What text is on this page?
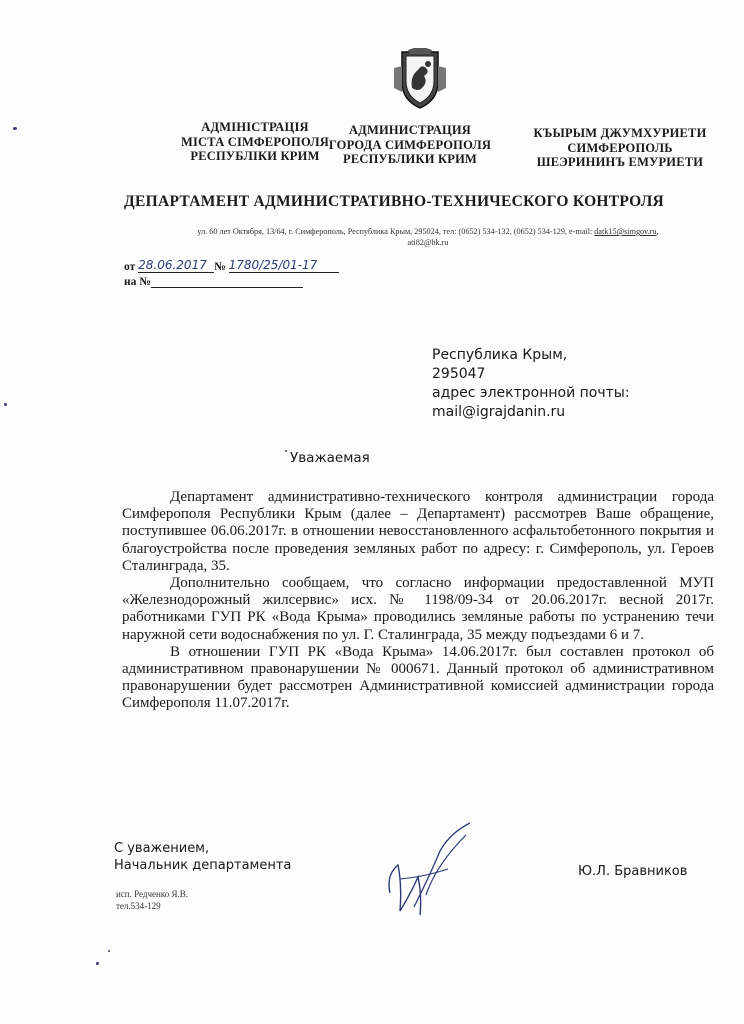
АДМІНІСТРАЦІЯ
МІСТА СІМФЕРОПОЛЯ
РЕСПУБЛІКИ КРИМ
АДМИНИСТРАЦИЯ
ГОРОДА СИМФЕРОПОЛЯ
РЕСПУБЛИКИ КРИМ
КЪЫРЫМ ДЖУМХУРИЕТИ
СИМФЕРОПОЛЬ
ШЕЭРИНИНЪ ЕМУРИЕТИ
ДЕПАРТАМЕНТ АДМИНИСТРАТИВНО-ТЕХНИЧЕСКОГО КОНТРОЛЯ
ул. 60 лет Октября, 13/64, г. Симферополь, Республика Крым, 295024, тел: (0652) 534-132, (0652) 534-129, e-mail: datk15@simgov.ru,
ati82@bk.ru
от 28.06.2017 № 1780/25/01-17
на №
Республика Крым,
295047
адрес электронной почты:
mail@igrajdanin.ru
Уважаемая

Департамент административно-технического контроля администрации города Симферополя Республики Крым (далее – Департамент) рассмотрев Ваше обращение, поступившее 06.06.2017г. в отношении невосстановленного асфальтобетонного покрытия и благоустройства после проведения земляных работ по адресу: г. Симферополь, ул. Героев Сталинграда, 35.

Дополнительно сообщаем, что согласно информации предоставленной МУП «Железнодорожный жилсервис» исх. № 1198/09-34 от 20.06.2017г. весной 2017г. работниками ГУП РК «Вода Крыма» проводились земляные работы по устранению течи наружной сети водоснабжения по ул. Г. Сталинграда, 35 между подъездами 6 и 7.

В отношении ГУП РК «Вода Крыма» 14.06.2017г. был составлен протокол об административном правонарушении № 000671. Данный протокол об административном правонарушении будет рассмотрен Административной комиссией администрации города Симферополя 11.07.2017г.

С уважением,
Начальник департамента
исп. Редченко Я.В.
тел.534-129
Ю.Л. Бравников
